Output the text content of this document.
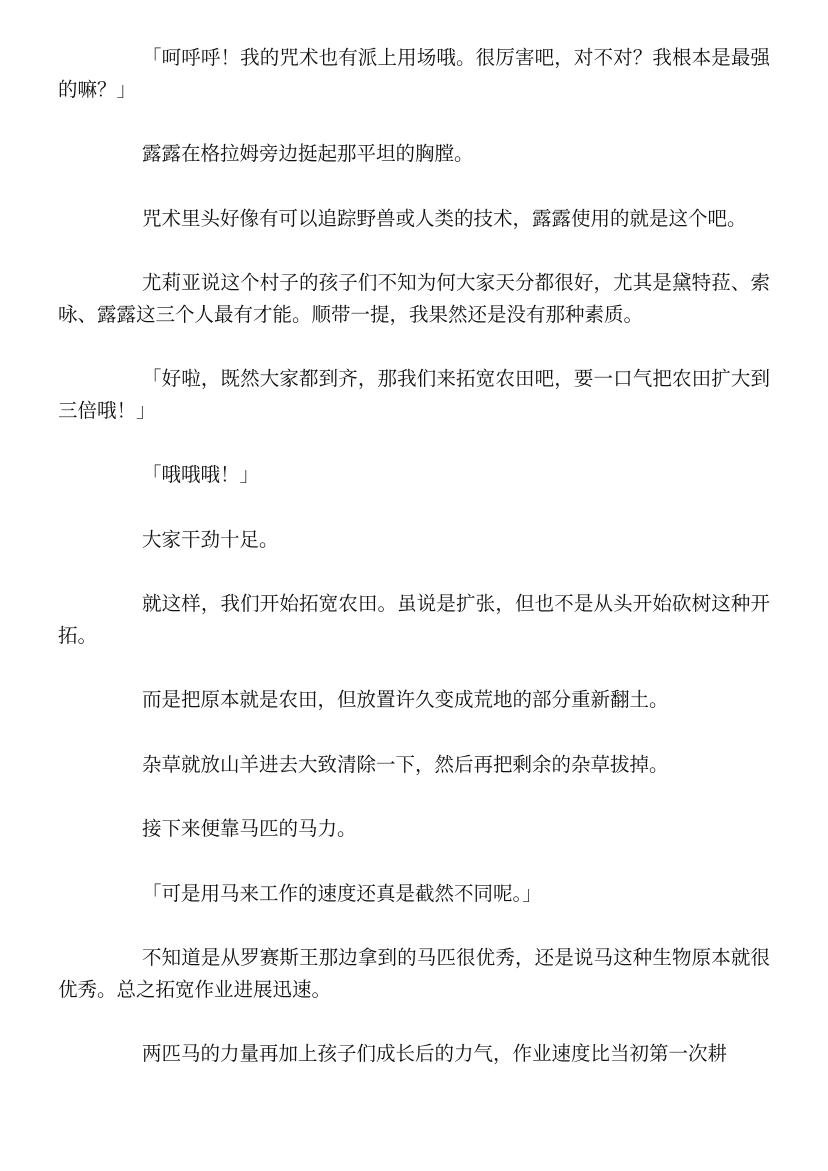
「呵呼呼！我的咒术也有派上用场哦。很厉害吧，对不对？我根本是最强的嘛？」

露露在格拉姆旁边挺起那平坦的胸膛。

咒术里头好像有可以追踪野兽或人类的技术，露露使用的就是这个吧。

尤莉亚说这个村子的孩子们不知为何大家天分都很好，尤其是黛特菈、索咏、露露这三个人最有才能。顺带一提，我果然还是没有那种素质。

「好啦，既然大家都到齐，那我们来拓宽农田吧，要一口气把农田扩大到三倍哦！」

「哦哦哦！」

大家干劲十足。

就这样，我们开始拓宽农田。虽说是扩张，但也不是从头开始砍树这种开拓。

而是把原本就是农田，但放置许久变成荒地的部分重新翻土。

杂草就放山羊进去大致清除一下，然后再把剩余的杂草拔掉。

接下来便靠马匹的马力。

「可是用马来工作的速度还真是截然不同呢。」

不知道是从罗赛斯王那边拿到的马匹很优秀，还是说马这种生物原本就很优秀。总之拓宽作业进展迅速。

两匹马的力量再加上孩子们成长后的力气，作业速度比当初第一次耕
